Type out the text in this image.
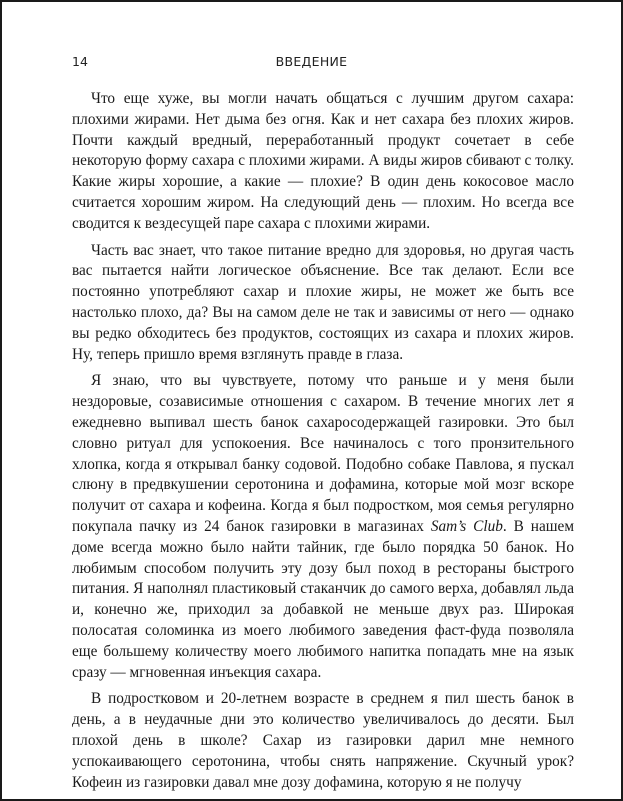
14	ВВЕДЕНИЕ

Что еще хуже, вы могли начать общаться с лучшим другом сахара: плохими жирами. Нет дыма без огня. Как и нет сахара без плохих жиров. Почти каждый вредный, переработанный продукт сочетает в себе некоторую форму сахара с плохими жирами. А виды жиров сбивают с толку. Какие жиры хорошие, а какие — плохие? В один день кокосовое масло считается хорошим жиром. На следующий день — плохим. Но всегда все сводится к вездесущей паре сахара с плохими жирами.

Часть вас знает, что такое питание вредно для здоровья, но другая часть вас пытается найти логическое объяснение. Все так делают. Если все постоянно употребляют сахар и плохие жиры, не может же быть все настолько плохо, да? Вы на самом деле не так и зависимы от него — однако вы редко обходитесь без продуктов, состоящих из сахара и плохих жиров. Ну, теперь пришло время взглянуть правде в глаза.

Я знаю, что вы чувствуете, потому что раньше и у меня были нездоровые, созависимые отношения с сахаром. В течение многих лет я ежедневно выпивал шесть банок сахаросодержащей газировки. Это был словно ритуал для успокоения. Все начиналось с того пронзительного хлопка, когда я открывал банку содовой. Подобно собаке Павлова, я пускал слюну в предвкушении серотонина и дофамина, которые мой мозг вскоре получит от сахара и кофеина. Когда я был подростком, моя семья регулярно покупала пачку из 24 банок газировки в магазинах Sam’s Club. В нашем доме всегда можно было найти тайник, где было порядка 50 банок. Но любимым способом получить эту дозу был поход в рестораны быстрого питания. Я наполнял пластиковый стаканчик до самого верха, добавлял льда и, конечно же, приходил за добавкой не меньше двух раз. Широкая полосатая соломинка из моего любимого заведения фаст-фуда позволяла еще большему количеству моего любимого напитка попадать мне на язык сразу — мгновенная инъекция сахара.

В подростковом и 20-летнем возрасте в среднем я пил шесть банок в день, а в неудачные дни это количество увеличивалось до десяти. Был плохой день в школе? Сахар из газировки дарил мне немного успокаивающего серотонина, чтобы снять напряжение. Скучный урок? Кофеин из газировки давал мне дозу дофамина, которую я не получу
